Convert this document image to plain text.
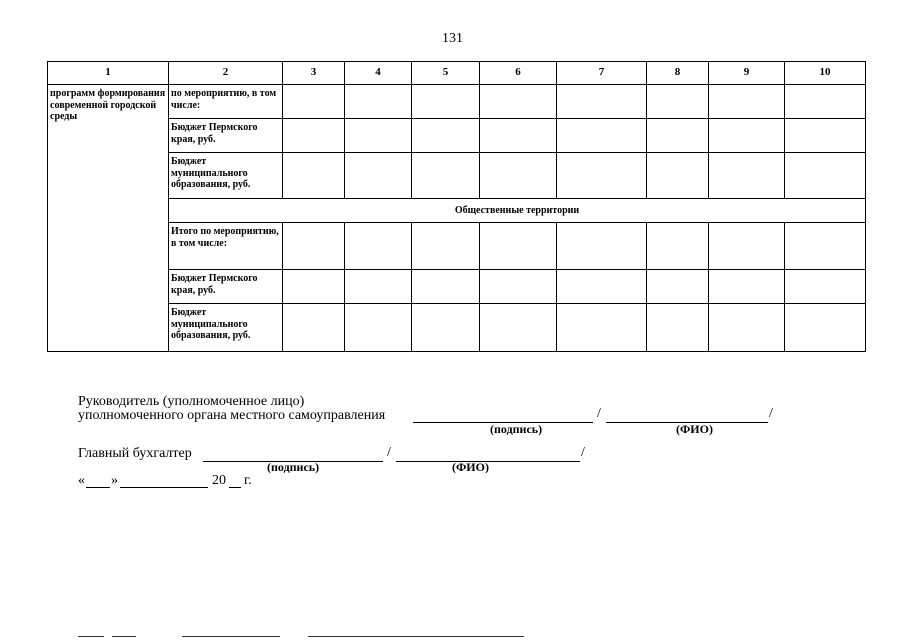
131
1	2	3	4	5	6	7	8	9	10
программ формирования современной городской среды	по мероприятию, в том числе:								
	Бюджет Пермского края, руб.								
	Бюджет муниципального образования, руб.								
	Общественные территории								
	Итого по мероприятию, в том числе:								
	Бюджет Пермского края, руб.								
	Бюджет муниципального образования, руб.								
Руководитель (уполномоченное лицо)
уполномоченного органа местного самоуправления	/	/
(подпись)	(ФИО)
Главный бухгалтер	/	/
(подпись)	(ФИО)
« »	20 г.
